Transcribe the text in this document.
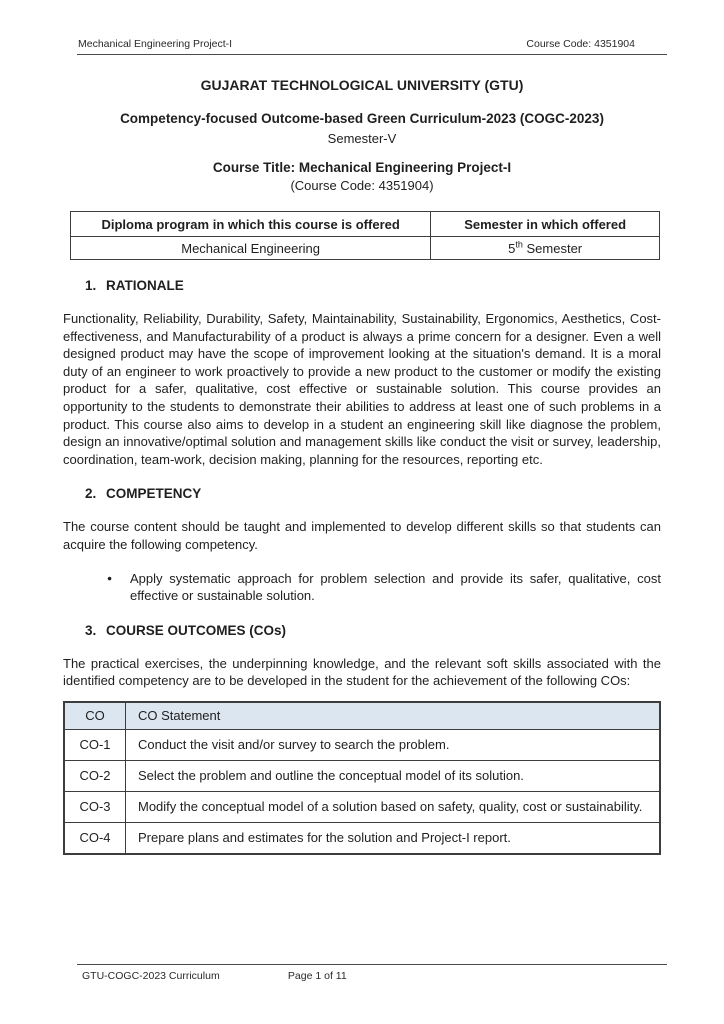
Mechanical Engineering Project-I	Course Code: 4351904

GUJARAT TECHNOLOGICAL UNIVERSITY (GTU)

Competency-focused Outcome-based Green Curriculum-2023 (COGC-2023)

Semester-V

Course Title: Mechanical Engineering Project-I

(Course Code: 4351904)

Diploma program in which this course is offered	Semester in which offered
Mechanical Engineering	5th Semester
1. RATIONALE

Functionality, Reliability, Durability, Safety, Maintainability, Sustainability, Ergonomics, Aesthetics, Cost-effectiveness, and Manufacturability of a product is always a prime concern for a designer. Even a well designed product may have the scope of improvement looking at the situation's demand. It is a moral duty of an engineer to work proactively to provide a new product to the customer or modify the existing product for a safer, qualitative, cost effective or sustainable solution. This course provides an opportunity to the students to demonstrate their abilities to address at least one of such problems in a product. This course also aims to develop in a student an engineering skill like diagnose the problem, design an innovative/optimal solution and management skills like conduct the visit or survey, leadership, coordination, team-work, decision making, planning for the resources, reporting etc.

2. COMPETENCY

The course content should be taught and implemented to develop different skills so that students can acquire the following competency.

●	Apply systematic approach for problem selection and provide its safer, qualitative, cost effective or sustainable solution.
3. COURSE OUTCOMES (COs)

The practical exercises, the underpinning knowledge, and the relevant soft skills associated with the identified competency are to be developed in the student for the achievement of the following COs:

CO	CO Statement
CO-1	Conduct the visit and/or survey to search the problem.
CO-2	Select the problem and outline the conceptual model of its solution.
CO-3	Modify the conceptual model of a solution based on safety, quality, cost or sustainability.
CO-4	Prepare plans and estimates for the solution and Project-I report.
GTU-COGC-2023 Curriculum	Page 1 of 11
